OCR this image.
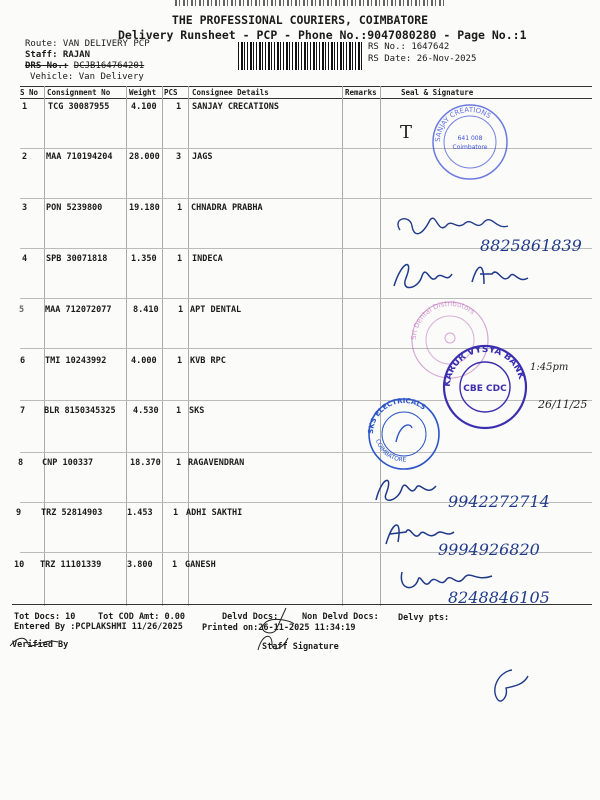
THE PROFESSIONAL COURIERS, COIMBATORE
Delivery Runsheet - PCP - Phone No.:9047080280 - Page No.:1
Route: VAN DELIVERY PCP
Staff: RAJAN
DRS No.: DCJB164764201
Vehicle: Van Delivery
RS No.: 1647642
RS Date: 26-Nov-2025
S No Consignment No	Weight PCS Consignee Details	Remarks	Seal & Signature
1 TCG 30087955	4.100 1 SANJAY CRECATIONS
2 MAA 710194204 28.000 3 JAGS
3 PON 5239800	19.180 1 CHNADRA PRABHA
4 SPB 30071818	1.350 1 INDECA
5 MAA 712072077	8.410 1 APT DENTAL
6 TMI 10243992	4.000 1 KVB RPC
7 BLR 8150345325 4.530 1 SKS
8 CNP 100337	18.370 1 RAGAVENDRAN
9 TRZ 52814903	1.453 1 ADHI SAKTHI
10 TRZ 11101339	3.800 1 GANESH
T	641 008
Coimbatore
SANJAY CREATIONS
8825861839
Sri Dental Distributors
KARUR VYSYA BANK
CBE CDC
1:45pm
26/11/25
SKS ELECTRICALS
COIMBATORE
9942272714
9994926820
8248846105
Tot Docs: 10	Tot COD Amt: 0.00	Delvd Docs:	Non Delvd Docs: Delvy pts:
Entered By :PCPLAKSHMI 11/26/2025 Printed on:26-11-2025 11:34:19
Verified By	Staff Signature
